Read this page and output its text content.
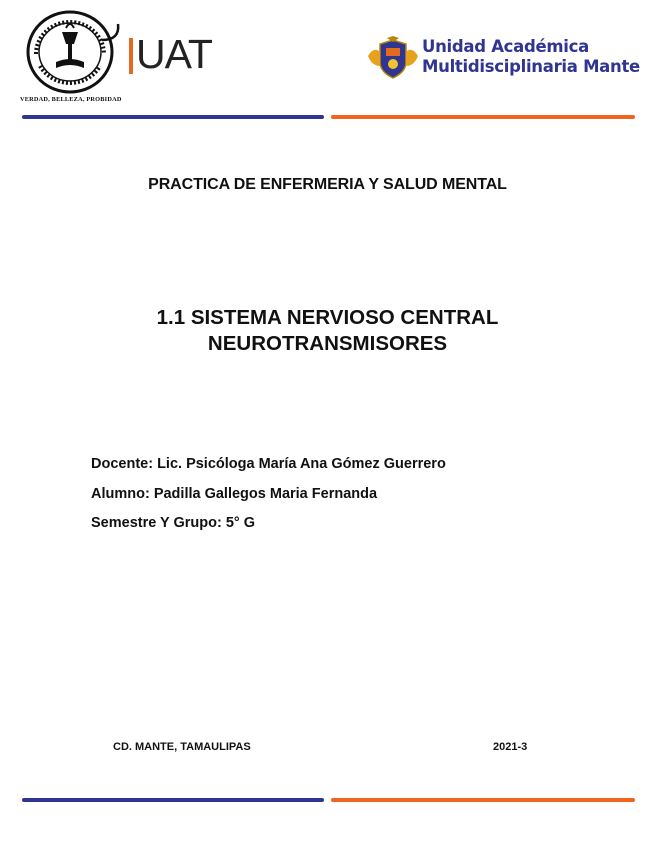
VERDAD, BELLEZA, PROBIDAD
UAT	Unidad Académica
Multidisciplinaria Mante
PRACTICA DE ENFERMERIA Y SALUD MENTAL
1.1 SISTEMA NERVIOSO CENTRAL
NEUROTRANSMISORES
Docente: Lic. Psicóloga María Ana Gómez Guerrero
Alumno: Padilla Gallegos Maria Fernanda
Semestre Y Grupo: 5° G
CD. MANTE, TAMAULIPAS	2021-3
